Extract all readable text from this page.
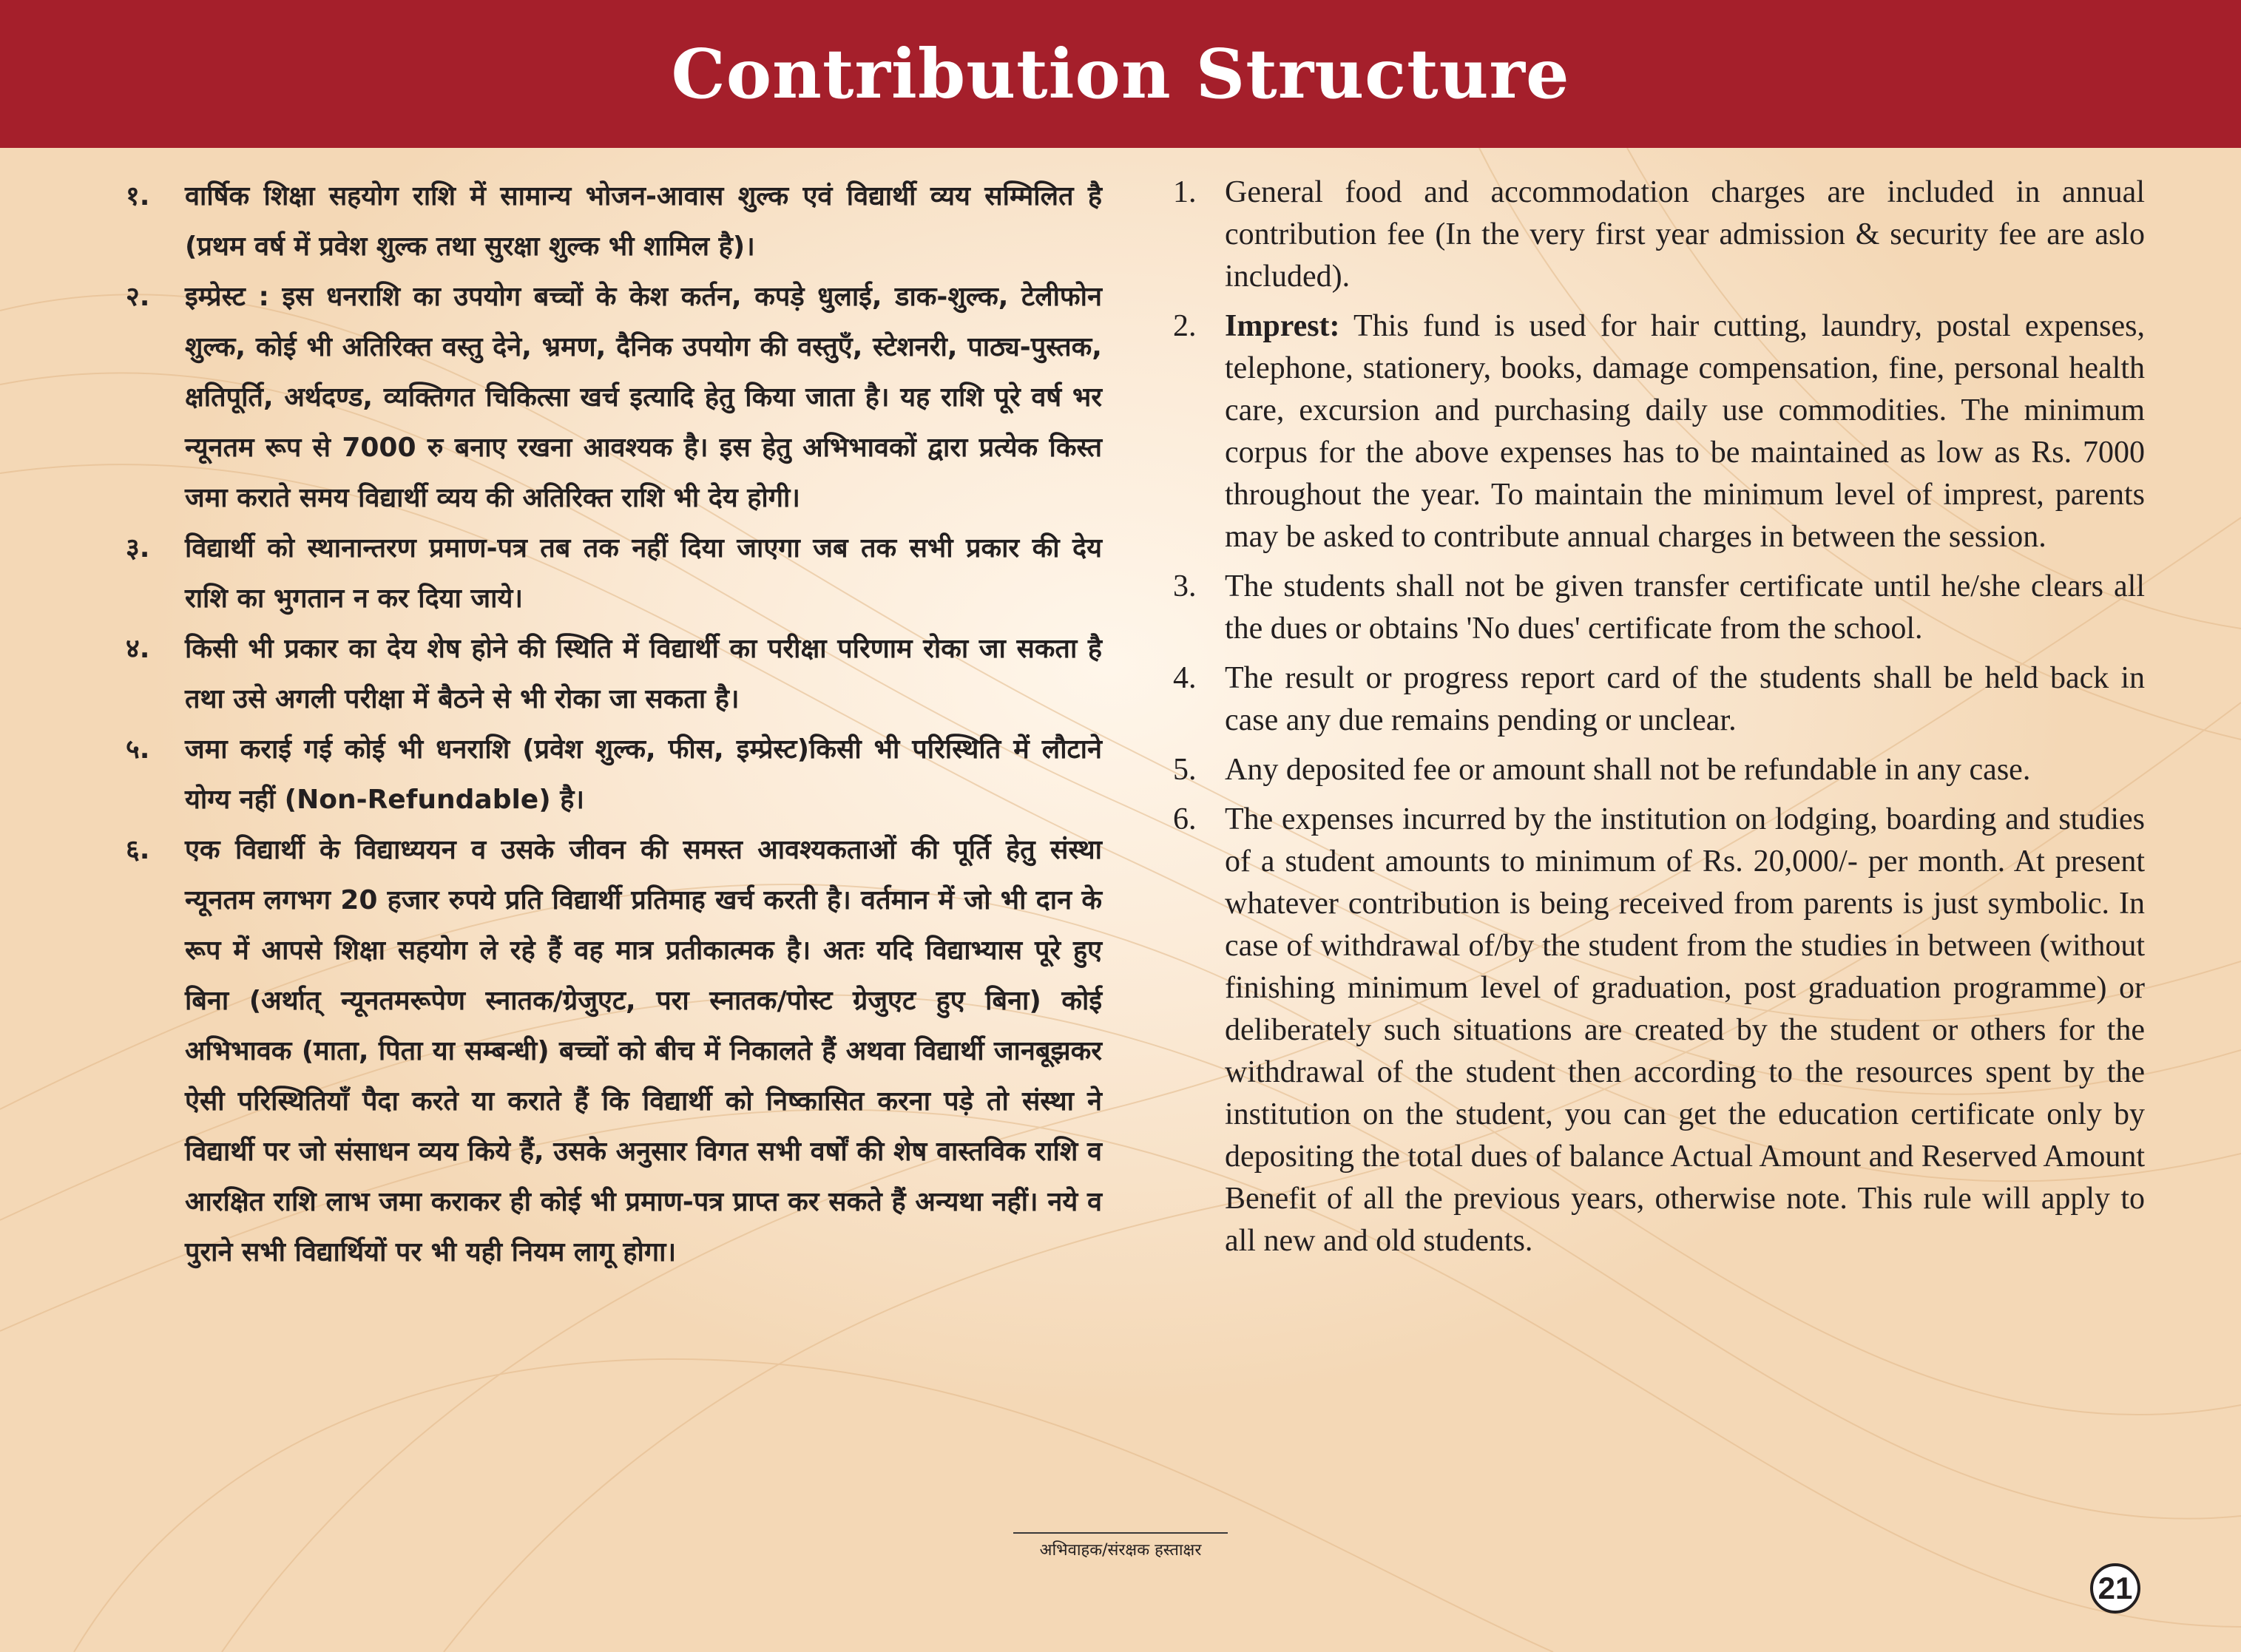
Contribution Structure
१.	वार्षिक शिक्षा सहयोग राशि में सामान्य भोजन-आवास शुल्क एवं विद्यार्थी व्यय सम्मिलित है (प्रथम वर्ष में प्रवेश शुल्क तथा सुरक्षा शुल्क भी शामिल है)।
२.	इम्प्रेस्ट : इस धनराशि का उपयोग बच्चों के केश कर्तन, कपड़े धुलाई, डाक-शुल्क, टेलीफोन शुल्क, कोई भी अतिरिक्त वस्तु देने, भ्रमण, दैनिक उपयोग की वस्तुएँ, स्टेशनरी, पाठ्य-पुस्तक, क्षतिपूर्ति, अर्थदण्ड, व्यक्तिगत चिकित्सा खर्च इत्यादि हेतु किया जाता है। यह राशि पूरे वर्ष भर न्यूनतम रूप से 7000 रु बनाए रखना आवश्यक है। इस हेतु अभिभावकों द्वारा प्रत्येक किस्त जमा कराते समय विद्यार्थी व्यय की अतिरिक्त राशि भी देय होगी।
३.	विद्यार्थी को स्थानान्तरण प्रमाण-पत्र तब तक नहीं दिया जाएगा जब तक सभी प्रकार की देय राशि का भुगतान न कर दिया जाये।
४.	किसी भी प्रकार का देय शेष होने की स्थिति में विद्यार्थी का परीक्षा परिणाम रोका जा सकता है तथा उसे अगली परीक्षा में बैठने से भी रोका जा सकता है।
५.	जमा कराई गई कोई भी धनराशि (प्रवेश शुल्क, फीस, इम्प्रेस्ट)किसी भी परिस्थिति में लौटाने योग्य नहीं (Non-Refundable) है।
६.	एक विद्यार्थी के विद्याध्ययन व उसके जीवन की समस्त आवश्यकताओं की पूर्ति हेतु संस्था न्यूनतम लगभग 20 हजार रुपये प्रति विद्यार्थी प्रतिमाह खर्च करती है। वर्तमान में जो भी दान के रूप में आपसे शिक्षा सहयोग ले रहे हैं वह मात्र प्रतीकात्मक है। अतः यदि विद्याभ्यास पूरे हुए बिना (अर्थात् न्यूनतमरूपेण स्नातक/ग्रेजुएट, परा स्नातक/पोस्ट ग्रेजुएट हुए बिना) कोई अभिभावक (माता, पिता या सम्बन्धी) बच्चों को बीच में निकालते हैं अथवा विद्यार्थी जानबूझकर ऐसी परिस्थितियाँ पैदा करते या कराते हैं कि विद्यार्थी को निष्कासित करना पड़े तो संस्था ने विद्यार्थी पर जो संसाधन व्यय किये हैं, उसके अनुसार विगत सभी वर्षों की शेष वास्तविक राशि व आरक्षित राशि लाभ जमा कराकर ही कोई भी प्रमाण-पत्र प्राप्त कर सकते हैं अन्यथा नहीं। नये व पुराने सभी विद्यार्थियों पर भी यही नियम लागू होगा।
1. General food and accommodation charges are included in annual contribution fee (In the very first year admission & security fee are aslo included).
2. Imprest: This fund is used for hair cutting, laundry, postal expenses, telephone, stationery, books, damage compensation, fine, personal health care, excursion and purchasing daily use commodities. The minimum corpus for the above expenses has to be maintained as low as Rs. 7000 throughout the year. To maintain the minimum level of imprest, parents may be asked to contribute annual charges in between the session.
3. The students shall not be given transfer certificate until he/she clears all the dues or obtains 'No dues' certificate from the school.
4. The result or progress report card of the students shall be held back in case any due remains pending or unclear.
5. Any deposited fee or amount shall not be refundable in any case.
6. The expenses incurred by the institution on lodging, boarding and studies of a student amounts to minimum of Rs. 20,000/- per month. At present whatever contribution is being received from parents is just symbolic. In case of withdrawal of/by the student from the studies in between (without finishing minimum level of graduation, post graduation programme) or deliberately such situations are created by the student or others for the withdrawal of the student then according to the resources spent by the institution on the student, you can get the education certificate only by depositing the total dues of balance Actual Amount and Reserved Amount Benefit of all the previous years, otherwise note. This rule will apply to all new and old students.
अभिवाहक/संरक्षक हस्ताक्षर
21
